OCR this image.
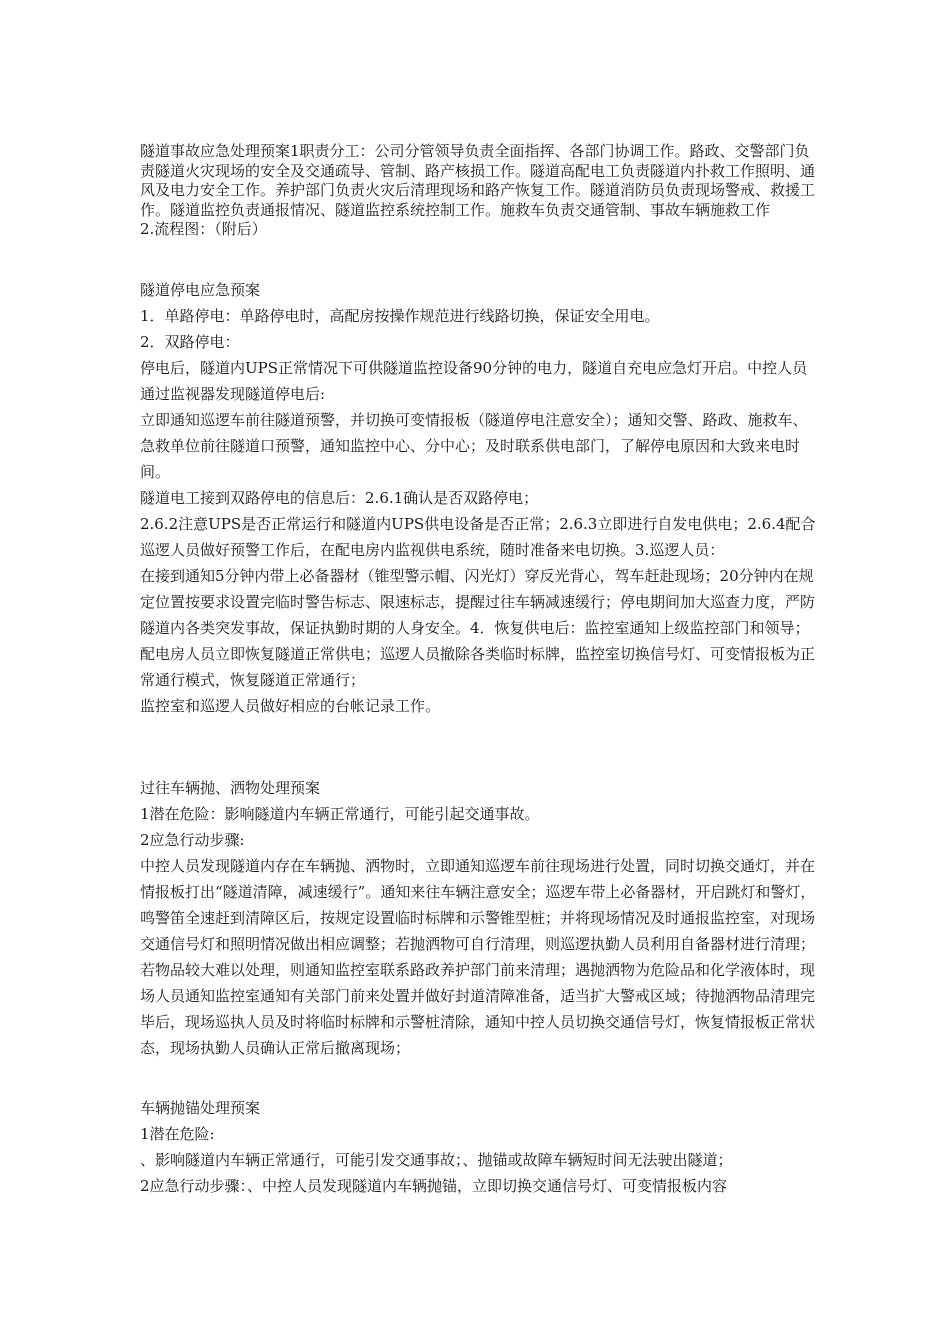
隧道事故应急处理预案1职责分工：公司分管领导负责全面指挥、各部门协调工作。路政、交警部门负责隧道火灾现场的安全及交通疏导、管制、路产核损工作。隧道高配电工负责隧道内扑救工作照明、通风及电力安全工作。养护部门负责火灾后清理现场和路产恢复工作。隧道消防员负责现场警戒、救援工作。隧道监控负责通报情况、隧道监控系统控制工作。施救车负责交通管制、事故车辆施救工作

2.流程图：（附后）

隧道停电应急预案

1．单路停电：单路停电时，高配房按操作规范进行线路切换，保证安全用电。

2．双路停电：

停电后，隧道内UPS正常情况下可供隧道监控设备90分钟的电力，隧道自充电应急灯开启。中控人员通过监视器发现隧道停电后:

立即通知巡逻车前往隧道预警，并切换可变情报板（隧道停电注意安全）；通知交警、路政、施救车、急救单位前往隧道口预警，通知监控中心、分中心；及时联系供电部门，了解停电原因和大致来电时间。

隧道电工接到双路停电的信息后：2.6.1确认是否双路停电；

2.6.2注意UPS是否正常运行和隧道内UPS供电设备是否正常；2.6.3立即进行自发电供电；2.6.4配合巡逻人员做好预警工作后，在配电房内监视供电系统，随时准备来电切换。3.巡逻人员：

在接到通知5分钟内带上必备器材（锥型警示帽、闪光灯）穿反光背心，驾车赶赴现场；20分钟内在规定位置按要求设置完临时警告标志、限速标志，提醒过往车辆减速缓行；停电期间加大巡查力度，严防隧道内各类突发事故，保证执勤时期的人身安全。4．恢复供电后：监控室通知上级监控部门和领导；配电房人员立即恢复隧道正常供电；巡逻人员撤除各类临时标牌，监控室切换信号灯、可变情报板为正常通行模式，恢复隧道正常通行；

监控室和巡逻人员做好相应的台帐记录工作。

过往车辆抛、洒物处理预案

1潜在危险：影响隧道内车辆正常通行，可能引起交通事故。

2应急行动步骤:

中控人员发现隧道内存在车辆抛、洒物时，立即通知巡逻车前往现场进行处置，同时切换交通灯，并在情报板打出“隧道清障，减速缓行”。通知来往车辆注意安全；巡逻车带上必备器材，开启跳灯和警灯，鸣警笛全速赶到清障区后，按规定设置临时标牌和示警锥型桩；并将现场情况及时通报监控室，对现场交通信号灯和照明情况做出相应调整；若抛洒物可自行清理，则巡逻执勤人员利用自备器材进行清理；若物品较大难以处理，则通知监控室联系路政养护部门前来清理；遇抛洒物为危险品和化学液体时，现场人员通知监控室通知有关部门前来处置并做好封道清障准备，适当扩大警戒区域；待抛洒物品清理完毕后，现场巡执人员及时将临时标牌和示警桩清除，通知中控人员切换交通信号灯，恢复情报板正常状态，现场执勤人员确认正常后撤离现场；

车辆抛锚处理预案

1潜在危险:

、影响隧道内车辆正常通行，可能引发交通事故；、抛锚或故障车辆短时间无法驶出隧道；

2应急行动步骤：、中控人员发现隧道内车辆抛锚，立即切换交通信号灯、可变情报板内容
